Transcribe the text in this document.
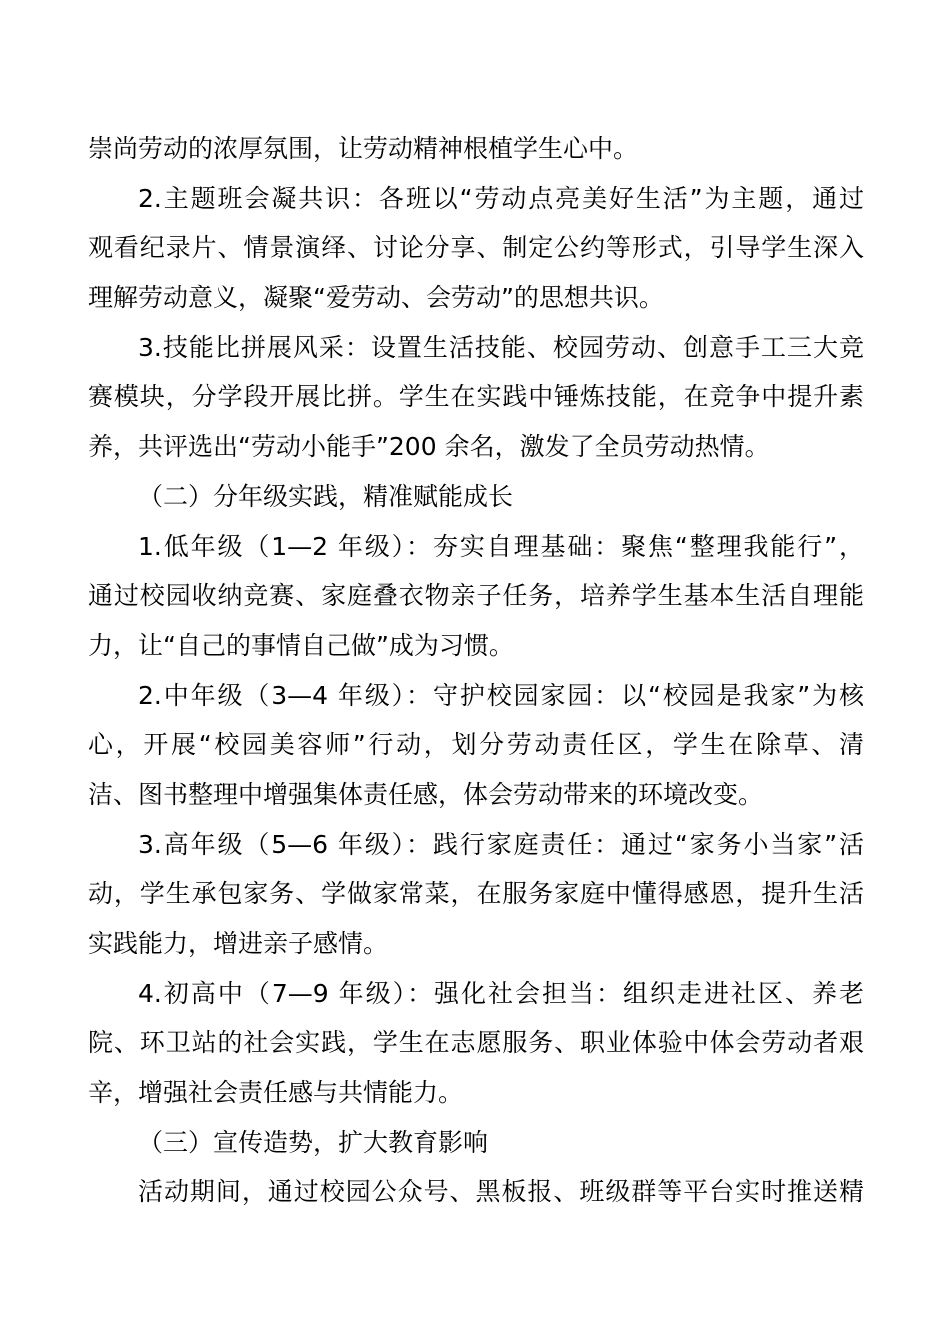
崇尚劳动的浓厚氛围，让劳动精神根植学生心中。
2.主题班会凝共识：各班以“劳动点亮美好生活”为主题，通过
观看纪录片、情景演绎、讨论分享、制定公约等形式，引导学生深入
理解劳动意义，凝聚“爱劳动、会劳动”的思想共识。
3.技能比拼展风采：设置生活技能、校园劳动、创意手工三大竞
赛模块，分学段开展比拼。学生在实践中锤炼技能，在竞争中提升素
养，共评选出“劳动小能手”200 余名，激发了全员劳动热情。
（二）分年级实践，精准赋能成长
1.低年级（1—2 年级）：夯实自理基础：聚焦“整理我能行”，
通过校园收纳竞赛、家庭叠衣物亲子任务，培养学生基本生活自理能
力，让“自己的事情自己做”成为习惯。
2.中年级（3—4 年级）：守护校园家园：以“校园是我家”为核
心，开展“校园美容师”行动，划分劳动责任区，学生在除草、清
洁、图书整理中增强集体责任感，体会劳动带来的环境改变。
3.高年级（5—6 年级）：践行家庭责任：通过“家务小当家”活
动，学生承包家务、学做家常菜，在服务家庭中懂得感恩，提升生活
实践能力，增进亲子感情。
4.初高中（7—9 年级）：强化社会担当：组织走进社区、养老
院、环卫站的社会实践，学生在志愿服务、职业体验中体会劳动者艰
辛，增强社会责任感与共情能力。
（三）宣传造势，扩大教育影响
活动期间，通过校园公众号、黑板报、班级群等平台实时推送精
